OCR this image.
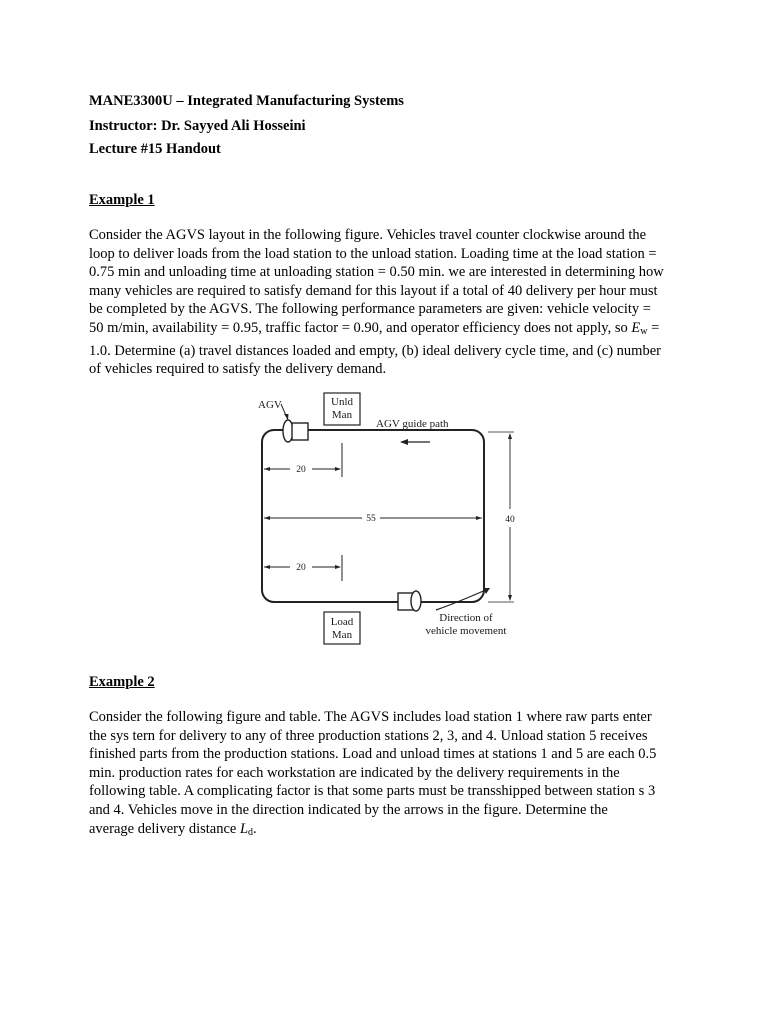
MANE3300U – Integrated Manufacturing Systems
Instructor: Dr. Sayyed Ali Hosseini
Lecture #15 Handout
Example 1
Consider the AGVS layout in the following figure. Vehicles travel counter clockwise around the
loop to deliver loads from the load station to the unload station. Loading time at the load station =
0.75 min and unloading time at unloading station = 0.50 min. we are interested in determining how
many vehicles are required to satisfy demand for this layout if a total of 40 delivery per hour must
be completed by the AGVS. The following performance parameters are given: vehicle velocity =
50 m/min, availability = 0.95, traffic factor = 0.90, and operator efficiency does not apply, so $E_w$ =
1.0. Determine (a) travel distances loaded and empty, (b) ideal delivery cycle time, and (c) number
of vehicles required to satisfy the delivery demand.
AGV	Unld
Man
AGV guide path
20
55	40
20
Load
Man
Direction of
vehicle movement
Example 2
Consider the following figure and table. The AGVS includes load station 1 where raw parts enter
the sys tern for delivery to any of three production stations 2, 3, and 4. Unload station 5 receives
finished parts from the production stations. Load and unload times at stations 1 and 5 are each 0.5
min. production rates for each workstation are indicated by the delivery requirements in the
following table. A complicating factor is that some parts must be transshipped between station s 3
and 4. Vehicles move in the direction indicated by the arrows in the figure. Determine the
average delivery distance $L_d$.
